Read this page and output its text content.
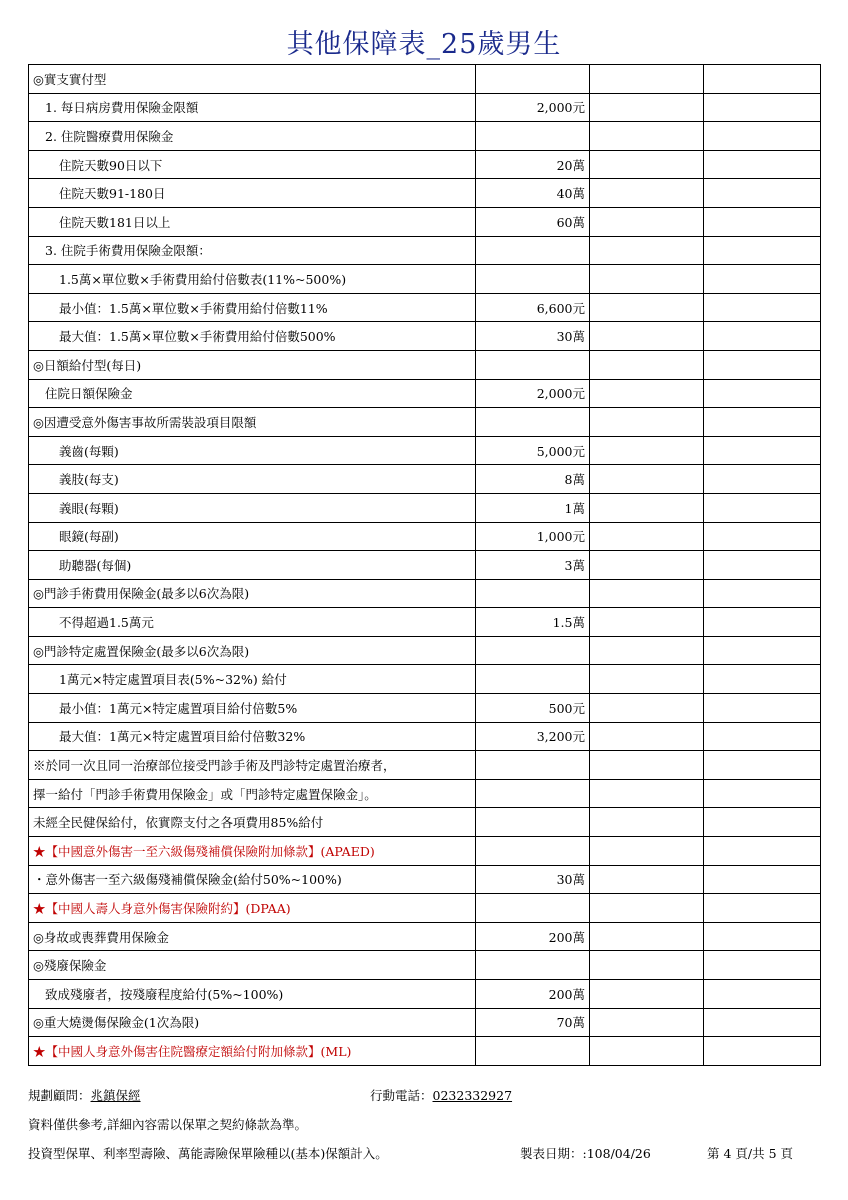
其他保障表_25歲男生
◎實支實付型			
1. 每日病房費用保險金限額	2,000元		
2. 住院醫療費用保險金			
住院天數90日以下	20萬		
住院天數91-180日	40萬		
住院天數181日以上	60萬		
3. 住院手術費用保險金限額：			
1.5萬×單位數×手術費用給付倍數表(11%~500%)			
最小值：1.5萬×單位數×手術費用給付倍數11%	6,600元		
最大值：1.5萬×單位數×手術費用給付倍數500%	30萬		
◎日額給付型(每日)			
住院日額保險金	2,000元		
◎因遭受意外傷害事故所需裝設項目限額			
義齒(每顆)	5,000元		
義肢(每支)	8萬		
義眼(每顆)	1萬		
眼鏡(每副)	1,000元		
助聽器(每個)	3萬		
◎門診手術費用保險金(最多以6次為限)			
不得超過1.5萬元	1.5萬		
◎門診特定處置保險金(最多以6次為限)			
1萬元×特定處置項目表(5%~32%) 給付			
最小值：1萬元×特定處置項目給付倍數5%	500元		
最大值：1萬元×特定處置項目給付倍數32%	3,200元		
※於同一次且同一治療部位接受門診手術及門診特定處置治療者，			
擇一給付「門診手術費用保險金」或「門診特定處置保險金」。			
未經全民健保給付，依實際支付之各項費用85%給付			
★【中國意外傷害一至六級傷殘補償保險附加條款】(APAED)			
・意外傷害一至六級傷殘補償保險金(給付50%~100%)	30萬		
★【中國人壽人身意外傷害保險附約】(DPAA)			
◎身故或喪葬費用保險金	200萬		
◎殘廢保險金			
致成殘廢者，按殘廢程度給付(5%~100%)	200萬		
◎重大燒燙傷保險金(1次為限)	70萬		
★【中國人身意外傷害住院醫療定額給付附加條款】(ML)			
規劃顧問：兆鎮保經	行動電話：0232332927
資料僅供參考,詳細內容需以保單之契約條款為準。
投資型保單、利率型壽險、萬能壽險保單險種以(基本)保額計入。	製表日期：:108/04/26	第 4 頁/共 5 頁
